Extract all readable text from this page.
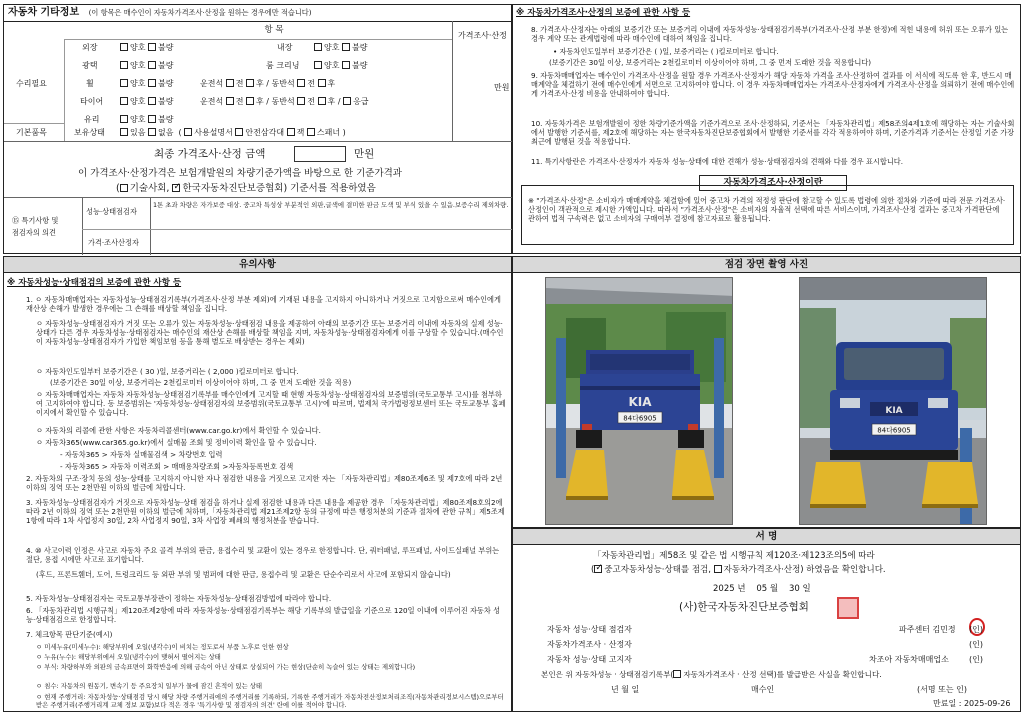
자동차 기타정보 (이 항목은 매수인이 자동차가격조사·산정을 원하는 경우에만 적습니다)
항 목
가격조사·산정
수리필요	만원
외장	양호 불량	내장	양호 불량
광택	양호 불량	룸 크리닝	양호 불량
휠	양호 불량	운전석 전 후 / 동반석 전 후
타이어	양호 불량	운전석 전 후 / 동반석 전 후 / 응급
유리	양호 불량
기본품목	보유상태	있음 없음  ( 사용설명서 안전삼각대 잭 스패너 )
최종 가격조사·산정 금액	만원
이 가격조사·산정가격은 보험개발원의 차량기준가액을 바탕으로 한 기준가격과
( 기술사회, ✓ 한국자동차진단보증협회) 기준서를 적용하였음
⑮ 특기사항 및
점검자의 의견
성능·상태점검자
1톤 초과 차량은 자가보증 대상. 중고차 특성상 부분적인 외판,글색에 결미한 판금 도색 및 부식 있을 수 있음.보증수리 제외차량.
가격·조사산정자
※ 자동차가격조사·산정의 보증에 관한 사항 등

8. 가격조사·산정자는 아래의 보증기간 또는 보증거리 이내에 자동차성능·상태점검기록부(가격조사·산정 부분 한정)에 적힌 내용에 허위 또는 오류가 있는 경우 계약 또는 관계법령에 따라 매수인에 대하여 책임을 집니다.

• 자동차인도일부터 보증기간은 ( )일, 보증거리는 ( )킬로미터로 합니다.

(보증기간은 30일 이상, 보증거리는 2천킬로미터 이상이어야 하며, 그 중 먼저 도래한 것을 적용합니다)

9. 자동차매매업자는 매수인이 가격조사·산정을 원할 경우 가격조사·산정자가 해당 자동차 가격을 조사·산정하여 결과를 이 서식에 적도록 한 후, 반드시 매매계약을 체결하기 전에 매수인에게 서면으로 고지하여야 합니다. 이 경우 자동차매매업자는 가격조사·산정자에게 가격조사·산정을 의뢰하기 전에 매수인에게 가격조사·산정 비용을 안내하여야 합니다.

10. 자동차가격은 보험개발원이 정한 차량기준가액을 기준가격으로 조사·산정하되, 기준서는 「자동차관리법」제58조의4제1호에 해당하는 자는 기술사회에서 발행한 기준서를, 제2호에 해당하는 자는 한국자동차진단보증협회에서 발행한 기준서를 각각 적용하여야 하며, 기준가격과 기준서는 산정일 기준 가장 최근에 발행된 것을 적용합니다.

11. 특기사항란은 가격조사·산정자가 자동차 성능·상태에 대한 견해가 성능·상태점검자의 견해와 다를 경우 표시합니다.

자동차가격조사·산정이란
※ "가격조사·산정"은 소비자가 매매계약을 체결함에 있어 중고차 가격의 적정성 판단에 참고할 수 있도록 법령에 의한 절차와 기준에 따라 전문 가격조사·산정인이 객관적으로 제시한 가액입니다. 따라서 "가격조사·산정"은 소비자의 자율적 선택에 따른 서비스이며, 가격조사·산정 결과는 중고차 가격판단에 관하여 법적 구속력은 없고 소비자의 구매여부 결정에 참고자료로 활용됩니다.
유의사항
※ 자동차성능·상태점검의 보증에 관한 사항 등

1. ㅇ 자동차매매업자는 자동차성능·상태점검기록부(가격조사·산정 부분 제외)에 기재된 내용을 고지하지 아니하거나 거짓으로 고지함으로써 매수인에게 재산상 손해가 발생한 경우에는 그 손해를 배상할 책임을 집니다.

ㅇ 자동차성능·상태점검자가 거짓 또는 오류가 있는 자동차성능·상태점검 내용을 제공하여 아래의 보증기간 또는 보증거리 이내에 자동차의 실제 성능·상태가 다른 경우 자동차성능·상태점검자는 매수인의 재산상 손해를 배상할 책임을 지며, 자동차성능·상태점검자에게 이를 구상할 수 있습니다.(매수인이 자동차성능·상태점검자가 가입한 책임보험 등을 통해 별도로 배상받는 경우는 제외)

ㅇ 자동차인도일부터 보증기간은 ( 30 )일, 보증거리는 ( 2,000 )킬로미터로 합니다.

(보증기간은 30일 이상, 보증거리는 2천킬로미터 이상이어야 하며, 그 중 먼저 도래한 것을 적용)

ㅇ 자동차매매업자는 자동차 자동차성능·상태점검기록부를 매수인에게 고지할 때 현행 자동차성능·상태점검자의 보증범위(국토교통부 고시)를 첨부하여 고지하여야 합니다. 동 보증범위는 '자동차성능·상태점검자의 보증범위(국토교통부 고시)'에 따르며, 법제처 국가법령정보센터 또는 국토교통부 홈페이지에서 확인할 수 있습니다.

ㅇ 자동차의 리콜에 관한 사항은 자동차리콜센터(www.car.go.kr)에서 확인할 수 있습니다.

ㅇ 자동차365(www.car365.go.kr)에서 실매물 조회 및 정비이력 확인을 할 수 있습니다.

- 자동차365 > 자동차 실매물검색 > 차량번호 입력

- 자동차365 > 자동차 이력조회 > 매매용차량조회 >자동차등록번호 검색

2. 자동차의 구조·장치 등의 성능·상태를 고지하지 아니한 자나 점검한 내용을 거짓으로 고지한 자는 「자동차관리법」제80조제6조 및 제7호에 따라 2년 이하의 징역 또는 2천만원 이하의 벌금에 처합니다.

3. 자동차성능·상태점검자가 거짓으로 자동차성능·상태 점검을 하거나 실제 점검한 내용과 다른 내용을 제공한 경우 「자동차관리법」제80조제8호의2에 따라 2년 이하의 징역 또는 2천만원 이하의 벌금에 처하며,「자동차관리법 제21조제2항 등의 규정에 따른 행정처분의 기준과 절차에 관한 규칙」제5조제1항에 따라 1차 사업정지 30일, 2차 사업정지 90일, 3차 사업장 폐쇄의 행정처분을 받습니다.

4. ⑩ 사고이력 인정은 사고로 자동차 주요 골격 부위의 판금, 용접수리 및 교환이 있는 경우로 한정합니다. 단, 쿼터패널, 루프패널, 사이드실패널 부위는 절단, 용접 시에만 사고로 표기합니다.

(후드, 프론트휀더, 도어, 트렁크리드 등 외판 부위 및 범퍼에 대한 판금, 용접수리 및 교환은 단순수리로서 사고에 포함되지 않습니다)

5. 자동차성능·상태점검자는 국토교통부장관이 정하는 자동차성능·상태점검방법에 따라야 합니다.

6. 「자동차관리법 시행규칙」제120조제2항에 따라 자동차성능·상태점검기록부는 해당 기록부의 발급일을 기준으로 120일 이내에 이루어진 자동차 성능·상태점검으로 한정합니다.

7. 체크항목 판단기준(예시)

ㅇ 미세누유(미세누수): 해당부위에 오일(냉각수)이 비치는 정도로서 부품 노후로 인한 현상

ㅇ 누유(누수): 해당부위에서 오일(냉각수)이 맺혀서 떨어지는 상태

ㅇ 부식: 차량하부와 외판의 금속표면이 화학반응에 의해 금속이 아닌 상태로 상실되어 가는 현상(단순히 녹슬어 있는 상태는 제외합니다)

ㅇ 침수: 자동차의 원동기, 변속기 등 주요장치 일부가 물에 잠긴 흔적이 있는 상태

ㅇ 현재 주행거리: 자동차성능·상태점검 당시 해당 차량 주행거리에의 주행거리를 기록하되, 기록한 주행거리가 자동차전산정보처리조직(자동차관리정보시스템)으로부터 받은 주행거리(주행거리계 교체 정보 포함)보다 적은 경우 '특기사항 및 점검자의 의견' 란에 이를 적어야 합니다.

점검 장면 촬영 사진
KIA
84다6905
KIA
84다6905
서 명
「자동차관리법」제58조 및 같은 법 시행규칙 제120조·제123조의5에 따라
( ✓ 중고자동차성능·상태를 점검, 자동차가격조사·산정) 하였음을 확인합니다.
2025 년 05 월 30 일
(사)한국자동차진단보증협회
자동차 성능·상태 점검자	파주센터 김민정 (인)
자동차가격조사 · 산정자	(인)
자동차 성능·상태 고지자	차조아 자동차매매업소	(인)
본인은 위 자동차성능 · 상태점검기록부( 자동차가격조사 · 산정 선택)를 발급받은 사실을 확인합니다.
년 월 일	매수인	(서명 또는 인)
만료일 : 2025-09-26
